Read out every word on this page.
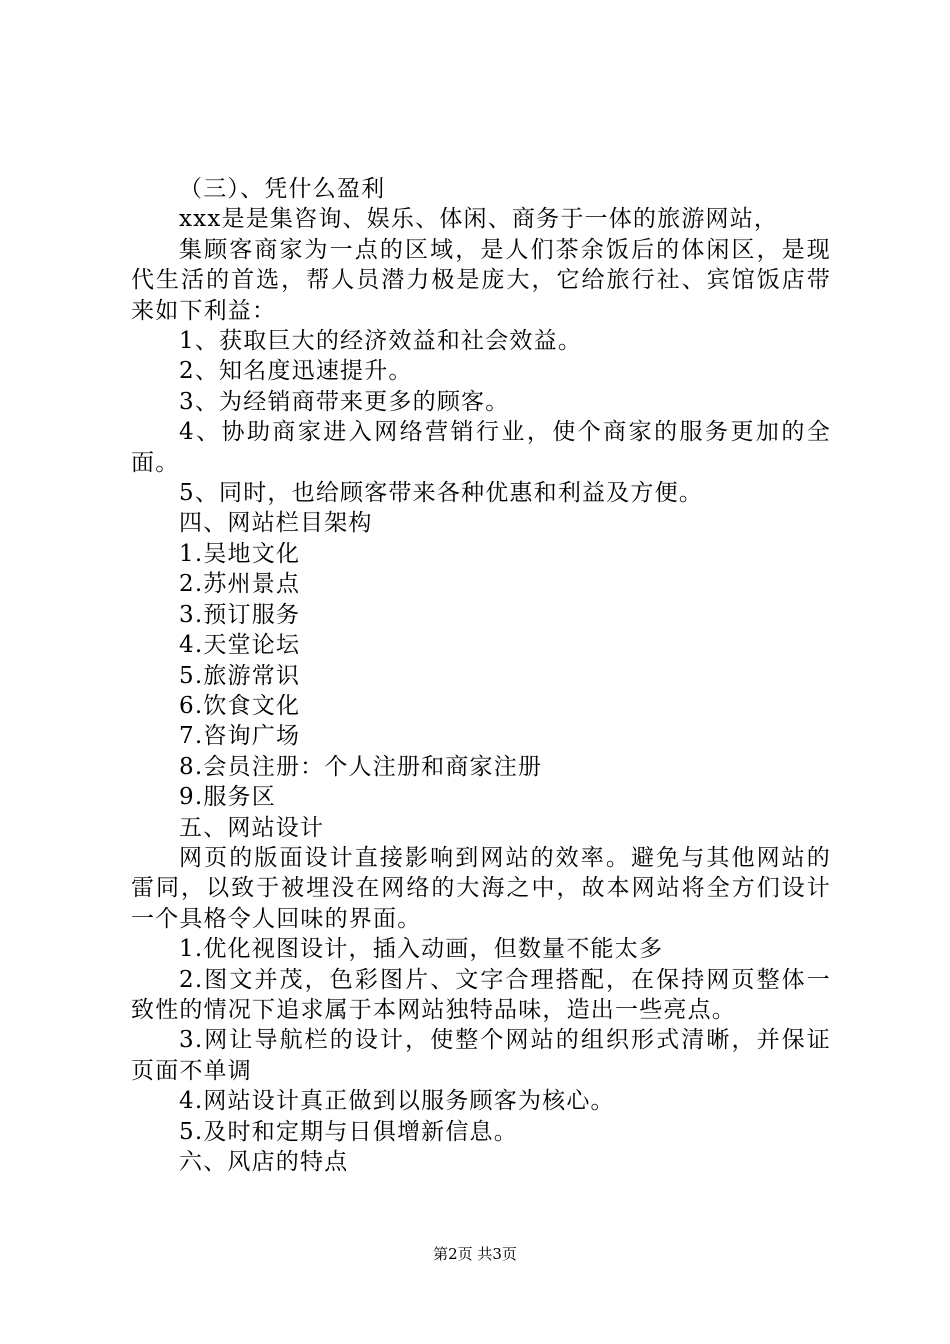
（三）、凭什么盈利

xxx是是集咨询、娱乐、体闲、商务于一体的旅游网站，

集顾客商家为一点的区域，是人们茶余饭后的体闲区，是现代生活的首选，帮人员潜力极是庞大，它给旅行社、宾馆饭店带来如下利益：

1、获取巨大的经济效益和社会效益。

2、知名度迅速提升。

3、为经销商带来更多的顾客。

4、协助商家进入网络营销行业，使个商家的服务更加的全面。

5、同时，也给顾客带来各种优惠和利益及方便。

四、网站栏目架构

1.吴地文化

2.苏州景点

3.预订服务

4.天堂论坛

5.旅游常识

6.饮食文化

7.咨询广场

8.会员注册：个人注册和商家注册

9.服务区

五、网站设计

网页的版面设计直接影响到网站的效率。避免与其他网站的雷同，以致于被埋没在网络的大海之中，故本网站将全方们设计一个具格令人回味的界面。

1.优化视图设计，插入动画，但数量不能太多

2.图文并茂，色彩图片、文字合理搭配，在保持网页整体一致性的情况下追求属于本网站独特品味，造出一些亮点。

3.网让导航栏的设计，使整个网站的组织形式清晰，并保证页面不单调

4.网站设计真正做到以服务顾客为核心。

5.及时和定期与日俱增新信息。

六、风店的特点

第2页 共3页
